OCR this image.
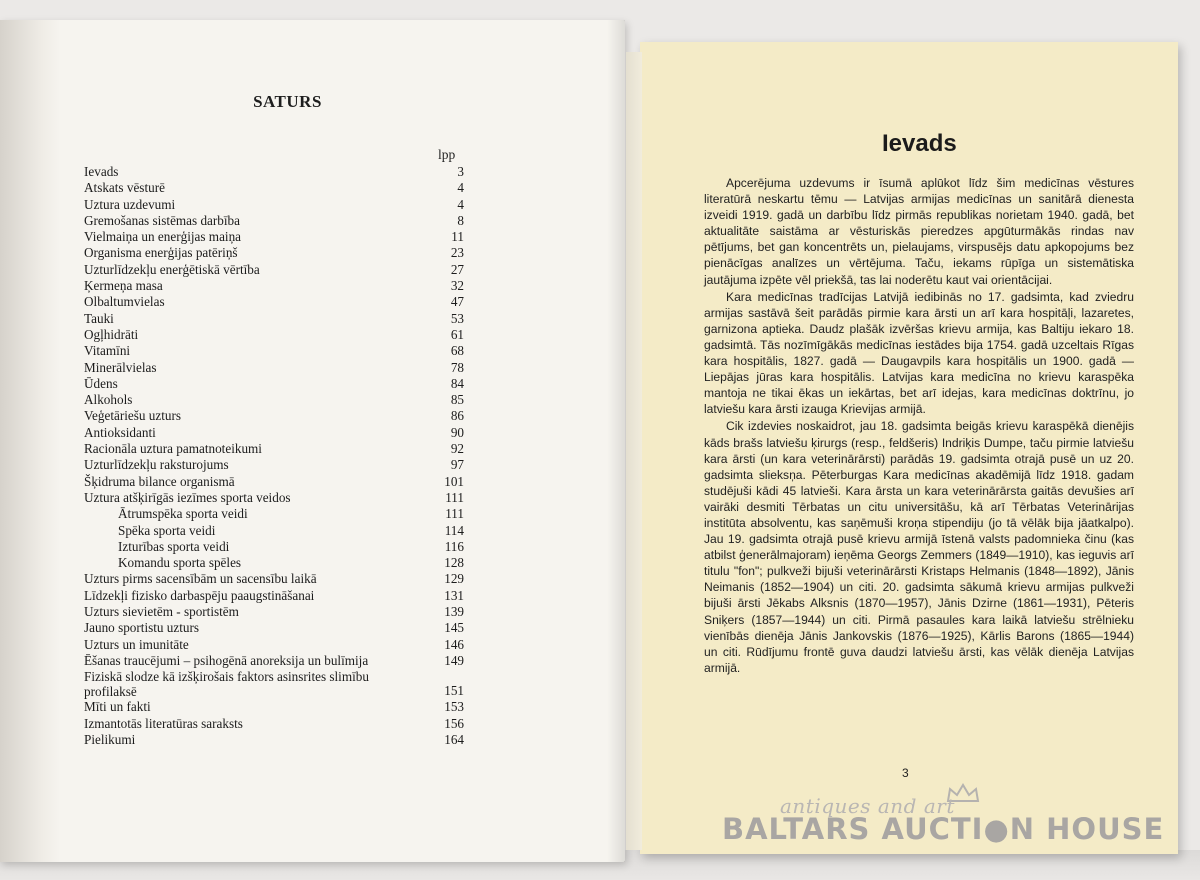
SATURS
lpp
Ievads	3
Atskats vēsturē	4
Uztura uzdevumi	4
Gremošanas sistēmas darbība	8
Vielmaiņa un enerģijas maiņa	11
Organisma enerģijas patēriņš	23
Uzturlīdzekļu enerģētiskā vērtība	27
Ķermeņa masa	32
Olbaltumvielas	47
Tauki	53
Ogļhidrāti	61
Vitamīni	68
Minerālvielas	78
Ūdens	84
Alkohols	85
Veģetāriešu uzturs	86
Antioksidanti	90
Racionāla uztura pamatnoteikumi	92
Uzturlīdzekļu raksturojums	97
Šķidruma bilance organismā	101
Uztura atšķirīgās iezīmes sporta veidos	111
Ātrumspēka sporta veidi	111
Spēka sporta veidi	114
Izturības sporta veidi	116
Komandu sporta spēles	128
Uzturs pirms sacensībām un sacensību laikā	129
Līdzekļi fizisko darbaspēju paaugstināšanai	131
Uzturs sievietēm - sportistēm	139
Jauno sportistu uzturs	145
Uzturs un imunitāte	146
Ēšanas traucējumi – psihogēnā anoreksija un bulīmija	149
Fiziskā slodze kā izšķirošais faktors asinsrites slimību profilaksē	151
Mīti un fakti	153
Izmantotās literatūras saraksts	156
Pielikumi	164
Ievads

Apcerējuma uzdevums ir īsumā aplūkot līdz šim medicīnas vēstures literatūrā neskartu tēmu — Latvijas armijas medicīnas un sanitārā dienesta izveidi 1919. gadā un darbību līdz pirmās republikas norietam 1940. gadā, bet aktualitāte saistāma ar vēsturiskās pieredzes apgūturmākās rindas nav pētījums, bet gan koncentrēts un, pielaujams, virspusējs datu apkopojums bez pienācīgas analīzes un vērtējuma. Taču, iekams rūpīga un sistemātiska jautājuma izpēte vēl priekšā, tas lai noderētu kaut vai orientācijai.

Kara medicīnas tradīcijas Latvijā iedibinās no 17. gadsimta, kad zviedru armijas sastāvā šeit parādās pirmie kara ārsti un arī kara hospitāļi, lazaretes, garnizona aptieka. Daudz plašāk izvēršas krievu armija, kas Baltiju iekaro 18. gadsimtā. Tās nozīmīgākās medicīnas iestādes bija 1754. gadā uzceltais Rīgas kara hospitālis, 1827. gadā — Daugavpils kara hospitālis un 1900. gadā — Liepājas jūras kara hospitālis. Latvijas kara medicīna no krievu karaspēka mantoja ne tikai ēkas un iekārtas, bet arī idejas, kara medicīnas doktrīnu, jo latviešu kara ārsti izauga Krievijas armijā.

Cik izdevies noskaidrot, jau 18. gadsimta beigās krievu karaspēkā dienējis kāds brašs latviešu ķirurgs (resp., feldšeris) Indriķis Dumpe, taču pirmie latviešu kara ārsti (un kara veterinārārsti) parādās 19. gadsimta otrajā pusē un uz 20. gadsimta slieksņa. Pēterburgas Kara medicīnas akadēmijā līdz 1918. gadam studējuši kādi 45 latvieši. Kara ārsta un kara veterinārārsta gaitās devušies arī vairāki desmiti Tērbatas un citu universitāšu, kā arī Tērbatas Veterinārijas institūta absolventu, kas saņēmuši kroņa stipendiju (jo tā vēlāk bija jāatkalpo). Jau 19. gadsimta otrajā pusē krievu armijā īstenā valsts padomnieka činu (kas atbilst ģenerālmajoram) ieņēma Georgs Zemmers (1849—1910), kas ieguvis arī titulu "fon"; pulkveži bijuši veterinārārsti Kristaps Helmanis (1848—1892), Jānis Neimanis (1852—1904) un citi. 20. gadsimta sākumā krievu armijas pulkveži bijuši ārsti Jēkabs Alksnis (1870—1957), Jānis Dzirne (1861—1931), Pēteris Sniķers (1857—1944) un citi. Pirmā pasaules kara laikā latviešu strēlnieku vienībās dienēja Jānis Jankovskis (1876—1925), Kārlis Barons (1865—1944) un citi. Rūdījumu frontē guva daudzi latviešu ārsti, kas vēlāk dienēja Latvijas armijā.

3
antiques and art
BALTARS AUCTI●N HOUSE
